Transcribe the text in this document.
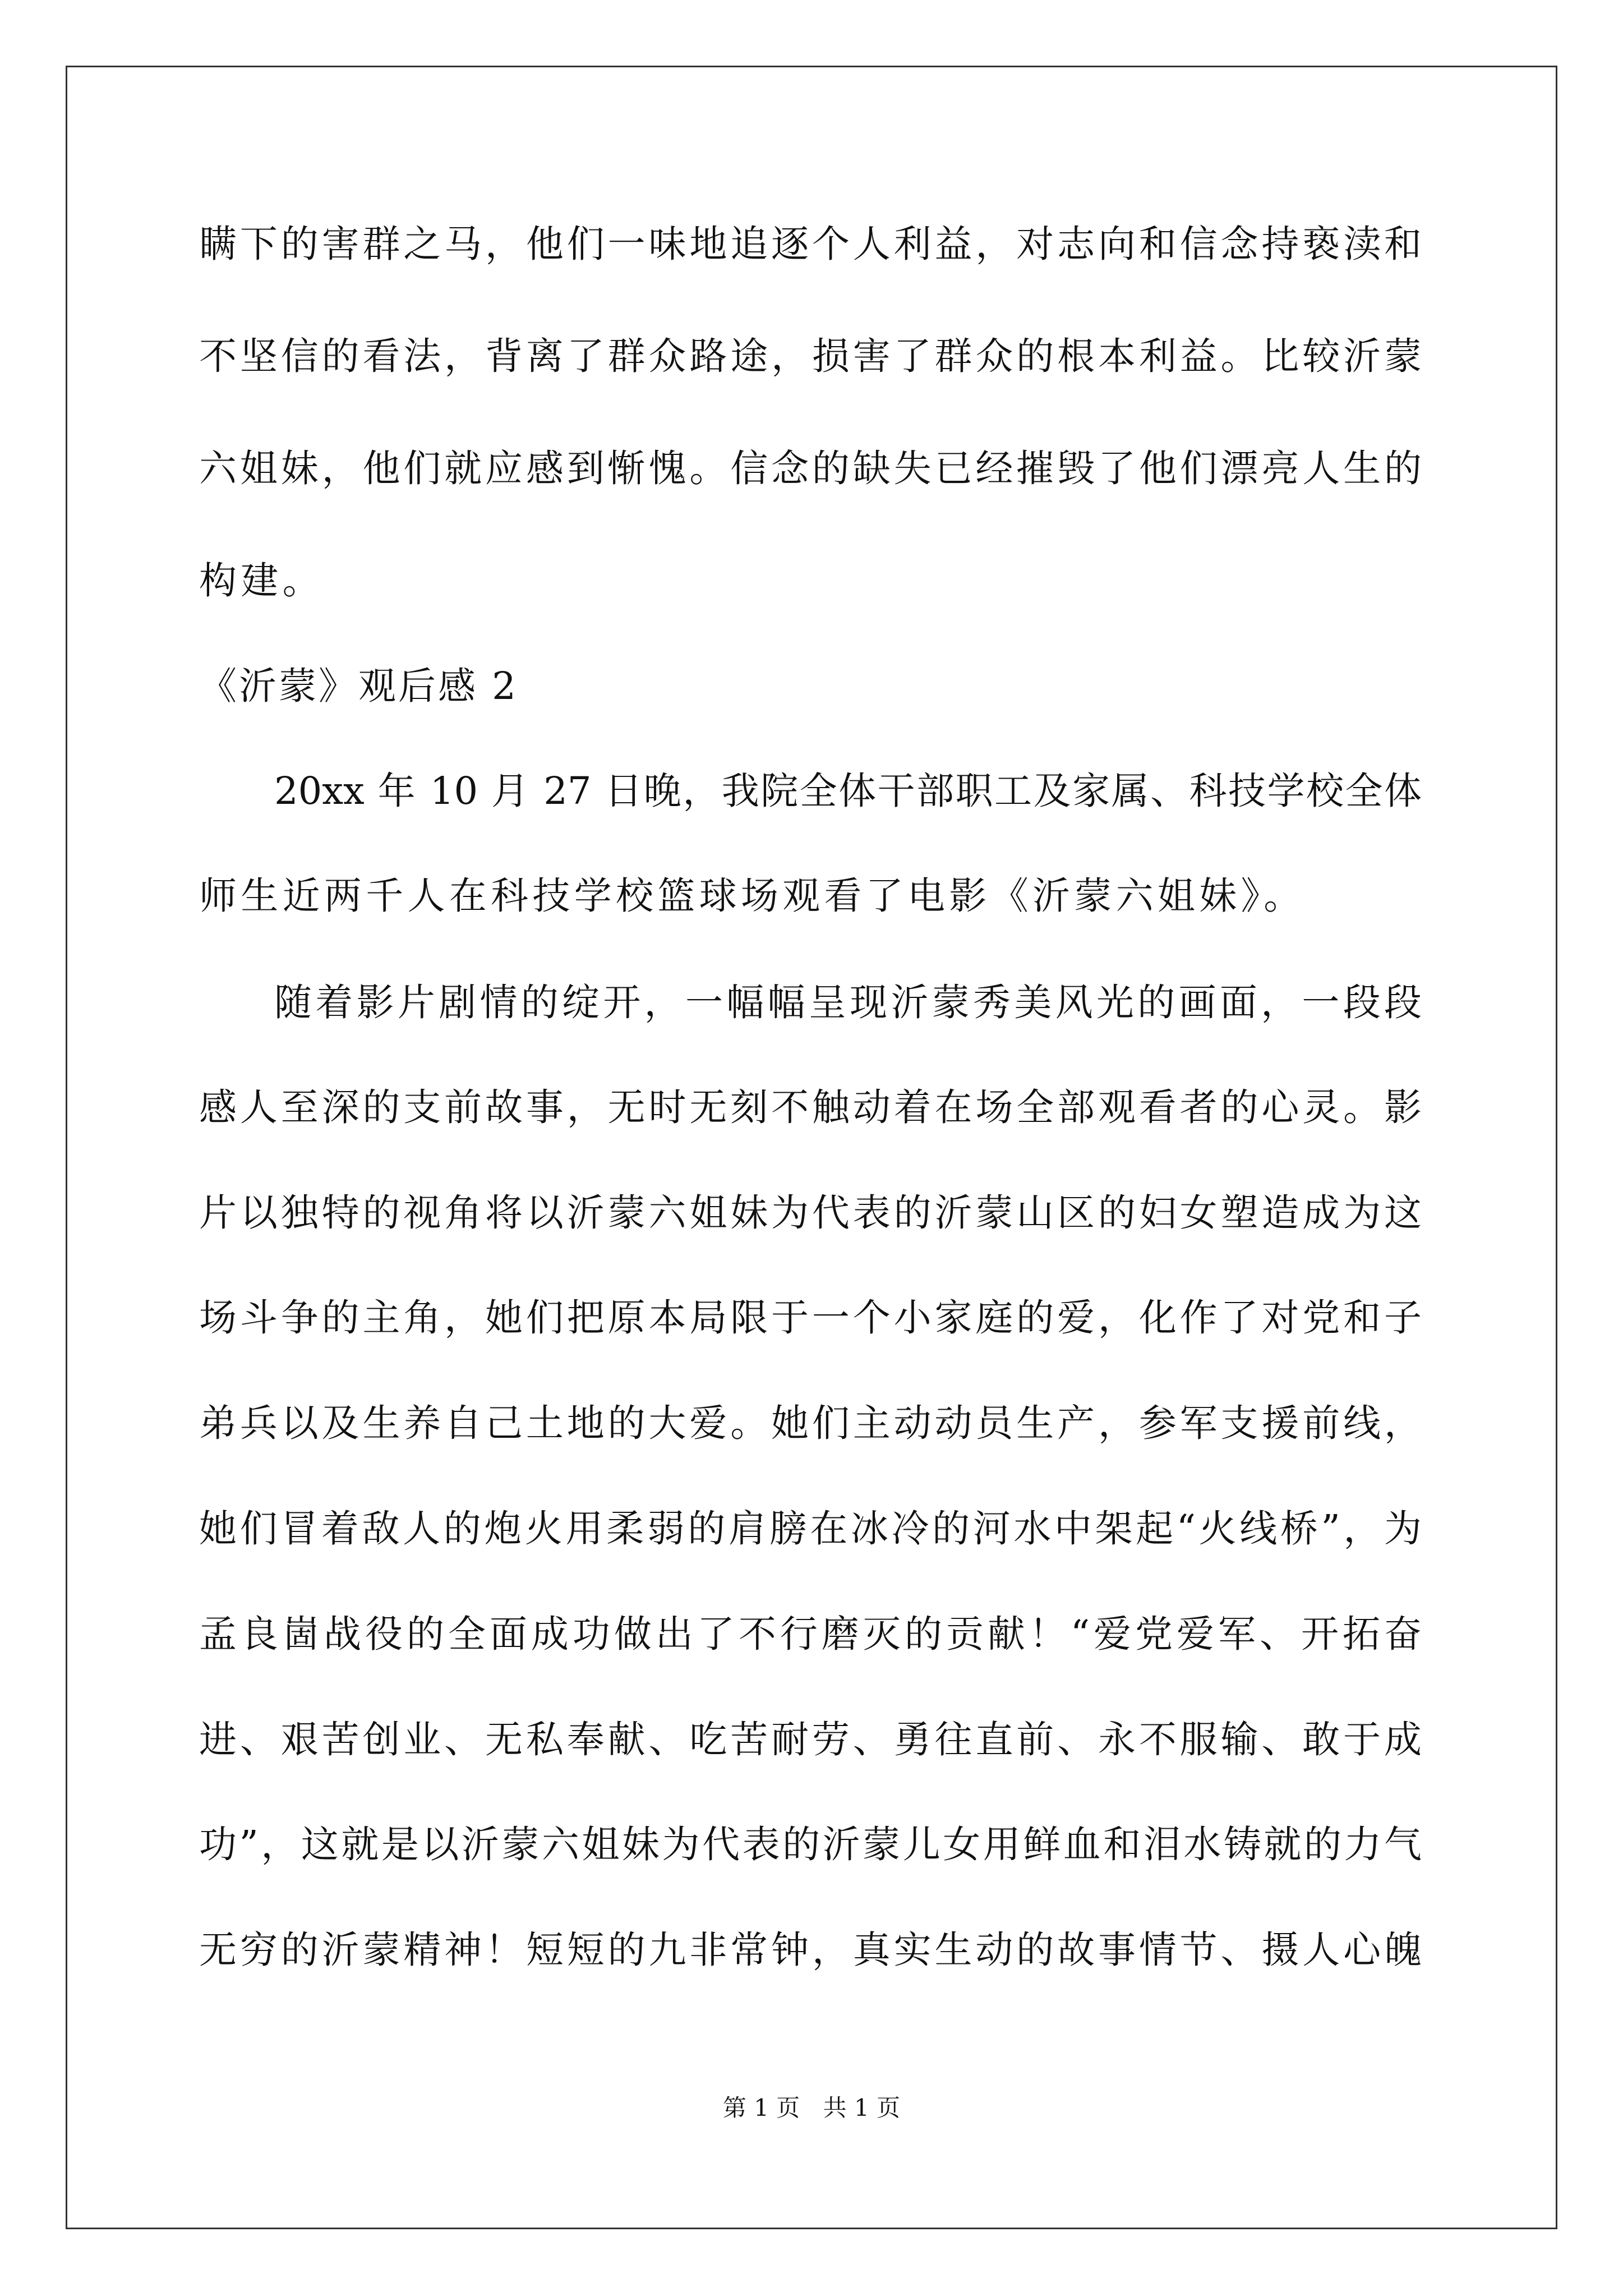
瞒下的害群之马，他们一味地追逐个人利益，对志向和信念持亵渎和
不坚信的看法，背离了群众路途，损害了群众的根本利益。比较沂蒙
六姐妹，他们就应感到惭愧。信念的缺失已经摧毁了他们漂亮人生的
构建。
《沂蒙》观后感 2
20xx 年 10 月 27 日晚，我院全体干部职工及家属、科技学校全体
师生近两千人在科技学校篮球场观看了电影《沂蒙六姐妹》。
随着影片剧情的绽开，一幅幅呈现沂蒙秀美风光的画面，一段段
感人至深的支前故事，无时无刻不触动着在场全部观看者的心灵。影
片以独特的视角将以沂蒙六姐妹为代表的沂蒙山区的妇女塑造成为这
场斗争的主角，她们把原本局限于一个小家庭的爱，化作了对党和子
弟兵以及生养自己土地的大爱。她们主动动员生产，参军支援前线，
她们冒着敌人的炮火用柔弱的肩膀在冰冷的河水中架起“火线桥”，为
孟良崮战役的全面成功做出了不行磨灭的贡献！“爱党爱军、开拓奋
进、艰苦创业、无私奉献、吃苦耐劳、勇往直前、永不服输、敢于成
功”，这就是以沂蒙六姐妹为代表的沂蒙儿女用鲜血和泪水铸就的力气
无穷的沂蒙精神！短短的九非常钟，真实生动的故事情节、摄人心魄
第 1 页 共 1 页
